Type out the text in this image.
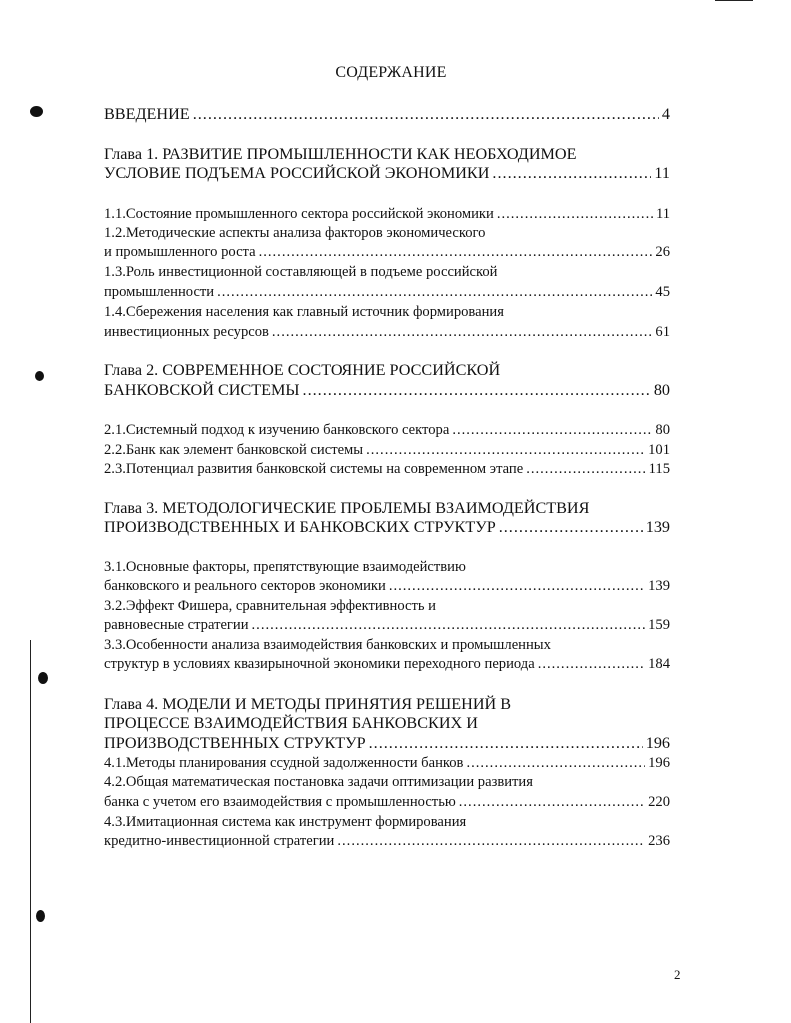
СОДЕРЖАНИЕ
ВВЕДЕНИЕ .....	4
Глава 1. РАЗВИТИЕ ПРОМЫШЛЕННОСТИ КАК НЕОБХОДИМОЕ
УСЛОВИЕ ПОДЪЕМА РОССИЙСКОЙ ЭКОНОМИКИ .....	11
1.1.Состояние промышленного сектора российской экономики .....	11
1.2.Методические аспекты анализа факторов экономического
и промышленного роста .....	26
1.3.Роль инвестиционной составляющей в подъеме российской
промышленности .....	45
1.4.Сбережения населения как главный источник формирования
инвестиционных ресурсов .....	61
Глава 2. СОВРЕМЕННОЕ СОСТОЯНИЕ РОССИЙСКОЙ
БАНКОВСКОЙ СИСТЕМЫ .....	80
2.1.Системный подход к изучению банковского сектора .....	80
2.2.Банк как элемент банковской системы .....	101
2.3.Потенциал развития банковской системы на современном этапе .....	115
Глава 3. МЕТОДОЛОГИЧЕСКИЕ ПРОБЛЕМЫ ВЗАИМОДЕЙСТВИЯ
ПРОИЗВОДСТВЕННЫХ И БАНКОВСКИХ СТРУКТУР .....	139
3.1.Основные факторы, препятствующие взаимодействию
банковского и реального секторов экономики .....	139
3.2.Эффект Фишера, сравнительная эффективность и
равновесные стратегии .....	159
3.3.Особенности анализа взаимодействия банковских и промышленных
структур в условиях квазирыночной экономики переходного периода .....	184
Глава 4. МОДЕЛИ И МЕТОДЫ ПРИНЯТИЯ РЕШЕНИЙ В
ПРОЦЕССЕ ВЗАИМОДЕЙСТВИЯ БАНКОВСКИХ И
ПРОИЗВОДСТВЕННЫХ СТРУКТУР .....	196
4.1.Методы планирования ссудной задолженности банков .....	196
4.2.Общая математическая постановка задачи оптимизации развития
банка с учетом его взаимодействия с промышленностью .....	220
4.3.Имитационная система как инструмент формирования
кредитно-инвестиционной стратегии .....	236
2
